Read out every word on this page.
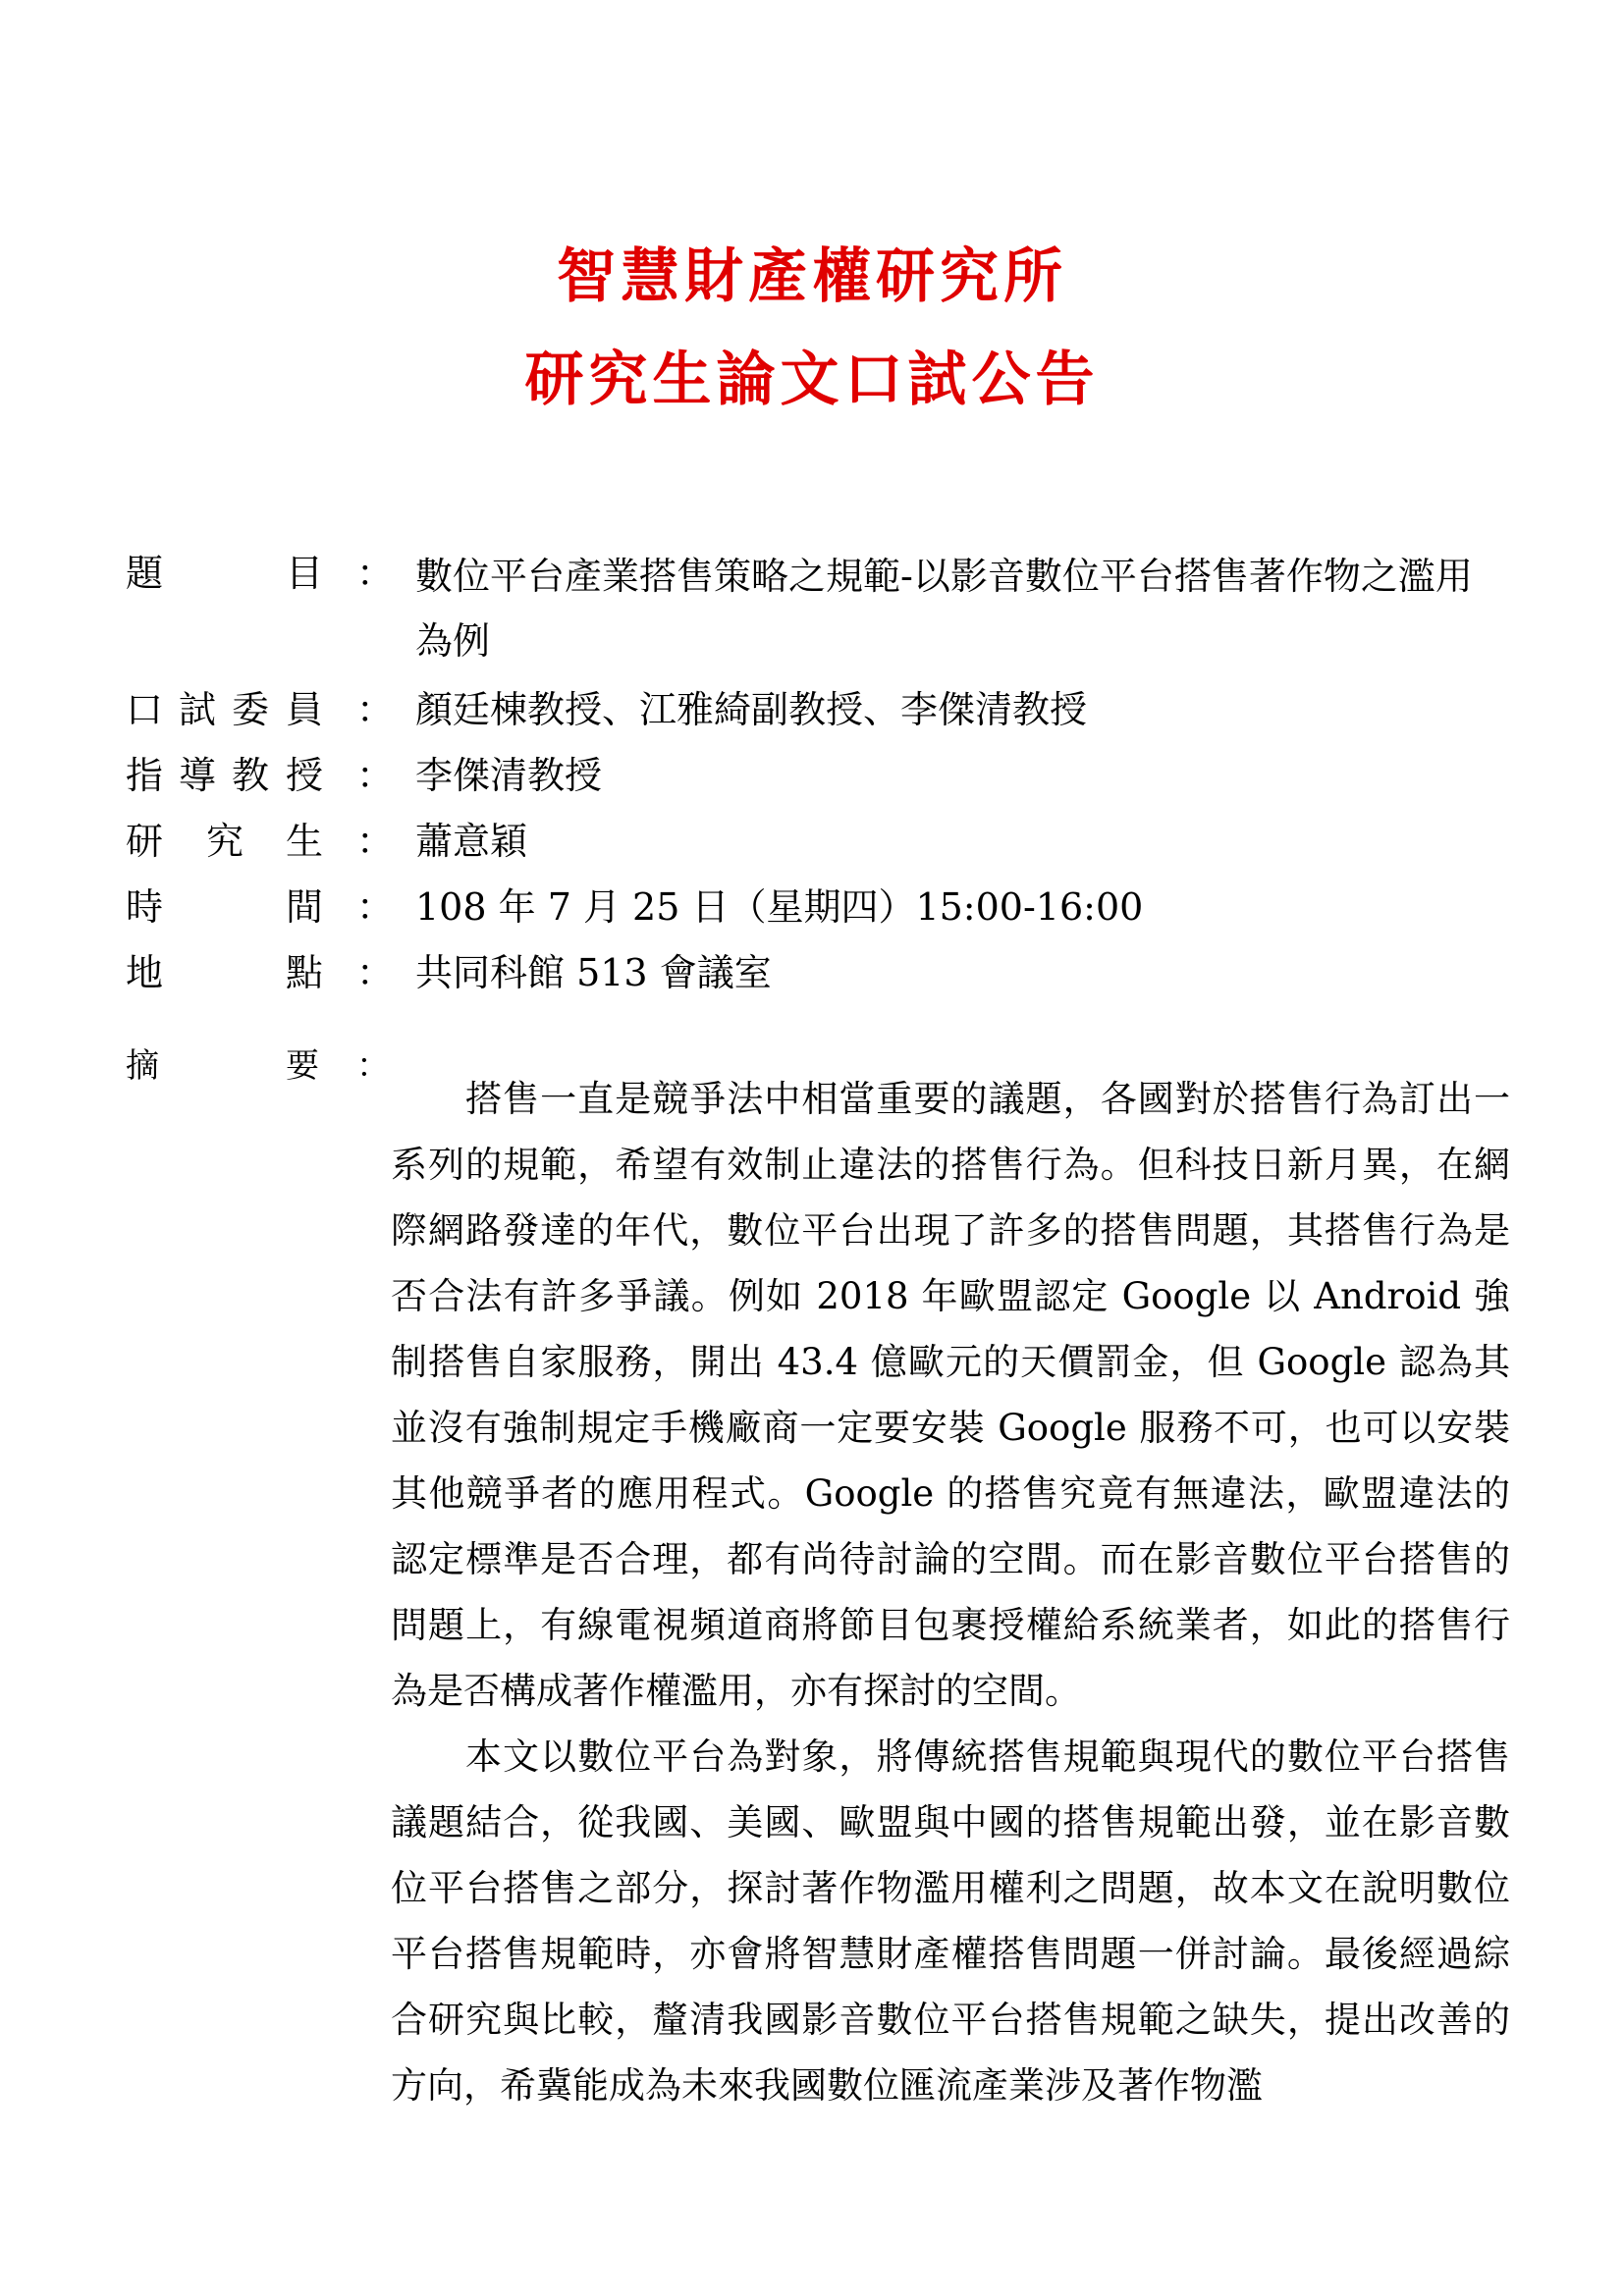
智慧財產權研究所
研究生論文口試公告
題	目 ： 數位平台產業搭售策略之規範-以影音數位平台搭售著作物之濫用為例
口 試 委 員 ： 顏廷棟教授、江雅綺副教授、李傑清教授
指 導 教 授 ： 李傑清教授
研 究 生 ： 蕭意穎
時	間 ： 108 年 7 月 25 日（星期四）15:00-16:00
地	點 ： 共同科館 513 會議室
摘	要 ：

搭售一直是競爭法中相當重要的議題，各國對於搭售行為訂出一系列的規範，希望有效制止違法的搭售行為。但科技日新月異，在網際網路發達的年代，數位平台出現了許多的搭售問題，其搭售行為是否合法有許多爭議。例如 2018 年歐盟認定 Google 以 Android 強制搭售自家服務，開出 43.4 億歐元的天價罰金，但 Google 認為其並沒有強制規定手機廠商一定要安裝 Google 服務不可，也可以安裝其他競爭者的應用程式。Google 的搭售究竟有無違法，歐盟違法的認定標準是否合理，都有尚待討論的空間。而在影音數位平台搭售的問題上，有線電視頻道商將節目包裹授權給系統業者，如此的搭售行為是否構成著作權濫用，亦有探討的空間。

本文以數位平台為對象，將傳統搭售規範與現代的數位平台搭售議題結合，從我國、美國、歐盟與中國的搭售規範出發，並在影音數位平台搭售之部分，探討著作物濫用權利之問題，故本文在說明數位平台搭售規範時，亦會將智慧財產權搭售問題一併討論。最後經過綜合研究與比較，釐清我國影音數位平台搭售規範之缺失，提出改善的方向，希冀能成為未來我國數位匯流產業涉及著作物濫
